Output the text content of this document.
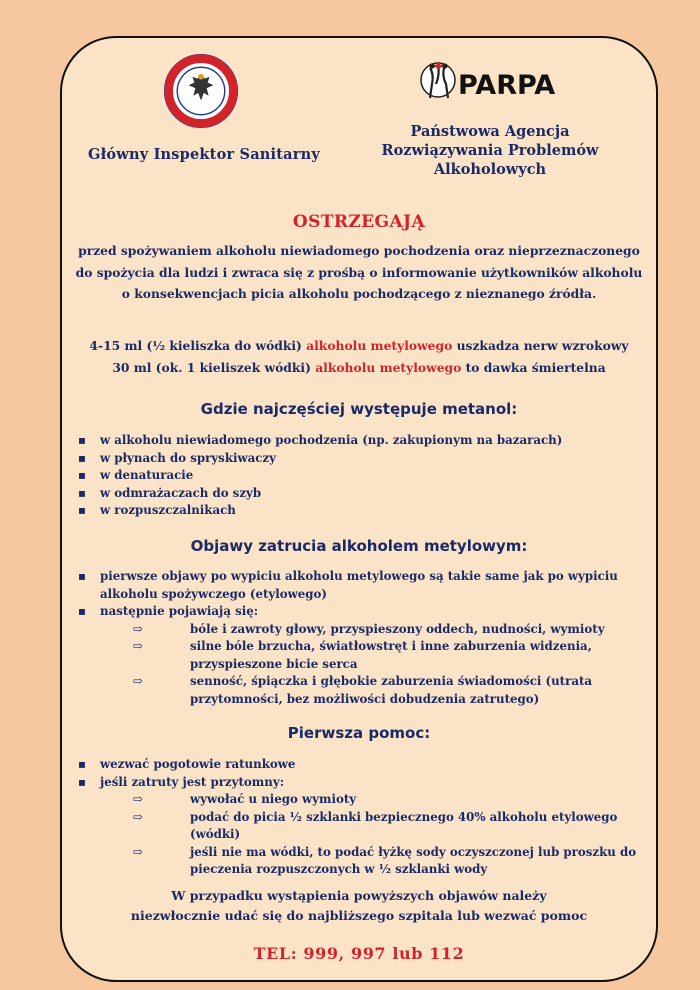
Główny Inspektor Sanitarny
PARPA
Państwowa Agencja
Rozwiązywania Problemów
Alkoholowych
OSTRZEGAJĄ
przed spożywaniem alkoholu niewiadomego pochodzenia oraz nieprzeznaczonego
do spożycia dla ludzi i zwraca się z prośbą o informowanie użytkowników alkoholu
o konsekwencjach picia alkoholu pochodzącego z nieznanego źródła.
4-15 ml (½ kieliszka do wódki) alkoholu metylowego uszkadza nerw wzrokowy
30 ml (ok. 1 kieliszek wódki) alkoholu metylowego to dawka śmiertelna
Gdzie najczęściej występuje metanol:
▪	w alkoholu niewiadomego pochodzenia (np. zakupionym na bazarach)
▪	w płynach do spryskiwaczy
▪	w denaturacie
▪	w odmrażaczach do szyb
▪	w rozpuszczalnikach
Objawy zatrucia alkoholem metylowym:
▪	pierwsze objawy po wypiciu alkoholu metylowego są takie same jak po wypiciu alkoholu spożywczego (etylowego)
▪	następnie pojawiają się:
⇨	bóle i zawroty głowy, przyspieszony oddech, nudności, wymioty
⇨	silne bóle brzucha, światłowstręt i inne zaburzenia widzenia, przyspieszone bicie serca
⇨	senność, śpiączka i głębokie zaburzenia świadomości (utrata przytomności, bez możliwości dobudzenia zatrutego)
Pierwsza pomoc:
▪	wezwać pogotowie ratunkowe
▪	jeśli zatruty jest przytomny:
⇨	wywołać u niego wymioty
⇨	podać do picia ½ szklanki bezpiecznego 40% alkoholu etylowego (wódki)
⇨	jeśli nie ma wódki, to podać łyżkę sody oczyszczonej lub proszku do pieczenia rozpuszczonych w ½ szklanki wody
W przypadku wystąpienia powyższych objawów należy
niezwłocznie udać się do najbliższego szpitala lub wezwać pomoc
TEL: 999, 997 lub 112
